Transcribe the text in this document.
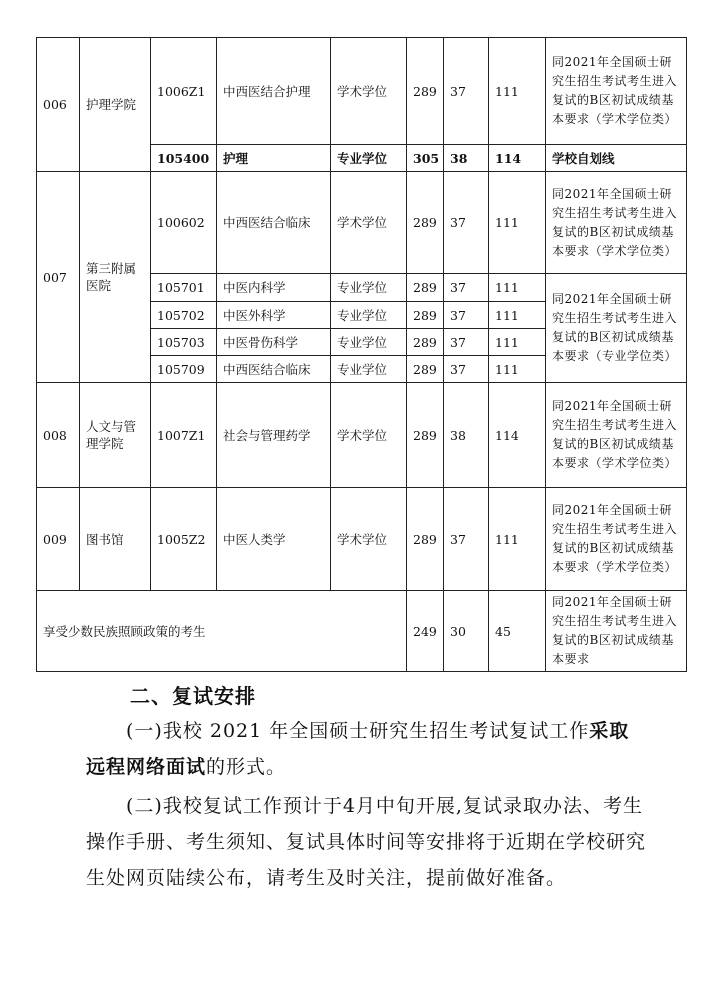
006	护理学院	1006Z1	中西医结合护理	学术学位	289	37	111	同2021年全国硕士研究生招生考试考生进入复试的B区初试成绩基本要求（学术学位类）
		105400	护理	专业学位	305	38	114	学校自划线
007	第三附属医院	100602	中西医结合临床	学术学位	289	37	111	同2021年全国硕士研究生招生考试考生进入复试的B区初试成绩基本要求（学术学位类）
		105701	中医内科学	专业学位	289	37	111	同2021年全国硕士研究生招生考试考生进入复试的B区初试成绩基本要求（专业学位类）
		105702	中医外科学	专业学位	289	37	111	
		105703	中医骨伤科学	专业学位	289	37	111	
		105709	中西医结合临床	专业学位	289	37	111	
008	人文与管理学院	1007Z1	社会与管理药学	学术学位	289	38	114	同2021年全国硕士研究生招生考试考生进入复试的B区初试成绩基本要求（学术学位类）
009	图书馆	1005Z2	中医人类学	学术学位	289	37	111	同2021年全国硕士研究生招生考试考生进入复试的B区初试成绩基本要求（学术学位类）
享受少数民族照顾政策的考生					249	30	45	同2021年全国硕士研究生招生考试考生进入复试的B区初试成绩基本要求
二、复试安排
(一)我校 2021 年全国硕士研究生招生考试复试工作采取远程网络面试的形式。
(二)我校复试工作预计于4月中旬开展,复试录取办法、考生操作手册、考生须知、复试具体时间等安排将于近期在学校研究生处网页陆续公布，请考生及时关注，提前做好准备。
